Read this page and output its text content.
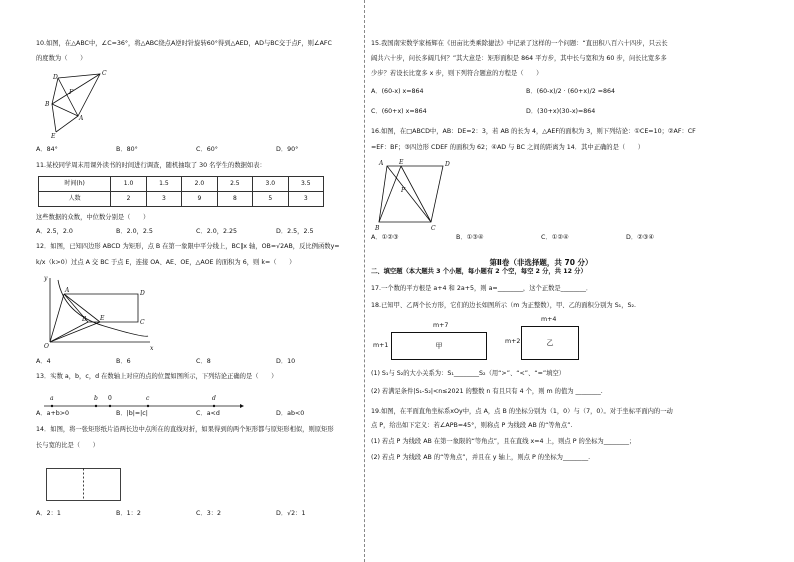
10.如图，在△ABC中，∠C=36°，将△ABC绕点A逆时针旋转60°得到△AED，AD与BC交于点F，则∠AFC

的度数为（　　）

D
C
F
B
A
E
A．84°	B．80°	C．60°	D．90°

11.某校同学周末用课外读书的时间进行调查，随机抽取了 30 名学生的数据如表：

时间(h)	1.0	1.5	2.0	2.5	3.0	3.5
人数	2	3	9	8	5	3

这些数据的众数，中位数分别是（　　）

A．2.5，2.0	B．2.0，2.5	C．2.0，2.25	D．2.5，2.5

12．如图，已知四边形 ABCD 为矩形，点 B 在第一象限中平分线上，BC∥x 轴，OB=√2AB，反比例函数y=

k/x（k>0）过点 A 交 BC 于点 E，连接 OA、AE、OE，△AOE 的面积为 6，则 k=（　　）

y
A	D
B E
C
O	x
A．4	B．6	C．8	D．10

13．实数 a，b，c，d 在数轴上对应的点的位置如图所示，下列结论正确的是（　　）

a	b 0	c	d
A．a+b>0	B．|b|=|c|	C．a<d	D．ab<0

14．如图，将一张矩形纸片沿两长边中点所在的直线对折，如果得到的两个矩形都与原矩形相似，则原矩形

长与宽的比是（　　）

A．2：1	B．1：2	C．3：2	D．√2：1

15.我国南宋数学家杨辉在《田亩比类乘除捷法》中记录了这样的一个问题：“直田积八百六十四步，只云长

阔共六十步，问长多阔几何？”其大意是：矩形面积是 864 平方步，其中长与宽和为 60 步，问长比宽多多

少步？若设长比宽多 x 步，则下列符合题意的方程是（　　）

A．(60-x) x=864	B．(60-x)/2 · (60+x)/2 =864

C．(60+x) x=864	D．(30+x)(30-x)=864

16.如图，在□ABCD中，AB：DE=2：3，若 AB 的长为 4，△AEF的面积为 3，则下列结论：①CE=10；②AF：CF

=EF：BF；③四边形 CDEF 的面积为 62；④AD 与 BC 之间的距离为 14．其中正确的是（　　）

A	E	D
F
B	C
A．①②③	B．①③④	C．①②④	D．②③④

第Ⅱ卷（非选择题，共 70 分）

二、填空题（本大题共 3 个小题，每小题有 2 个空，每空 2 分，共 12 分）

17.一个数的平方根是 a+4 和 2a+5，则 a=________，这个正数是________．

18.已知甲、乙两个长方形，它们的边长如图所示（m 为正整数），甲、乙的面积分别为 S₁，S₂.

m+7
m+1	甲
m+4
m+2	乙

(1) S₁与 S₂的大小关系为：S₁________S₂（用“>”、“<”、“=”填空）

(2) 若满足条件|S₁-S₂|<n≤2021 的整数 n 有且只有 4 个，则 m 的值为 ________.

19.如图，在平面直角坐标系xOy中，点 A，点 B 的坐标分别为（1，0）与（7，0）。对于坐标平面内的一动

点 P，给出如下定义：若∠APB=45°，则称点 P 为线段 AB 的“等角点”.

(1) 若点 P 为线段 AB 在第一象限的“等角点”，且在直线 x=4 上，则点 P 的坐标为________；

(2) 若点 P 为线段 AB 的“等角点”，并且在 y 轴上，则点 P 的坐标为________.
